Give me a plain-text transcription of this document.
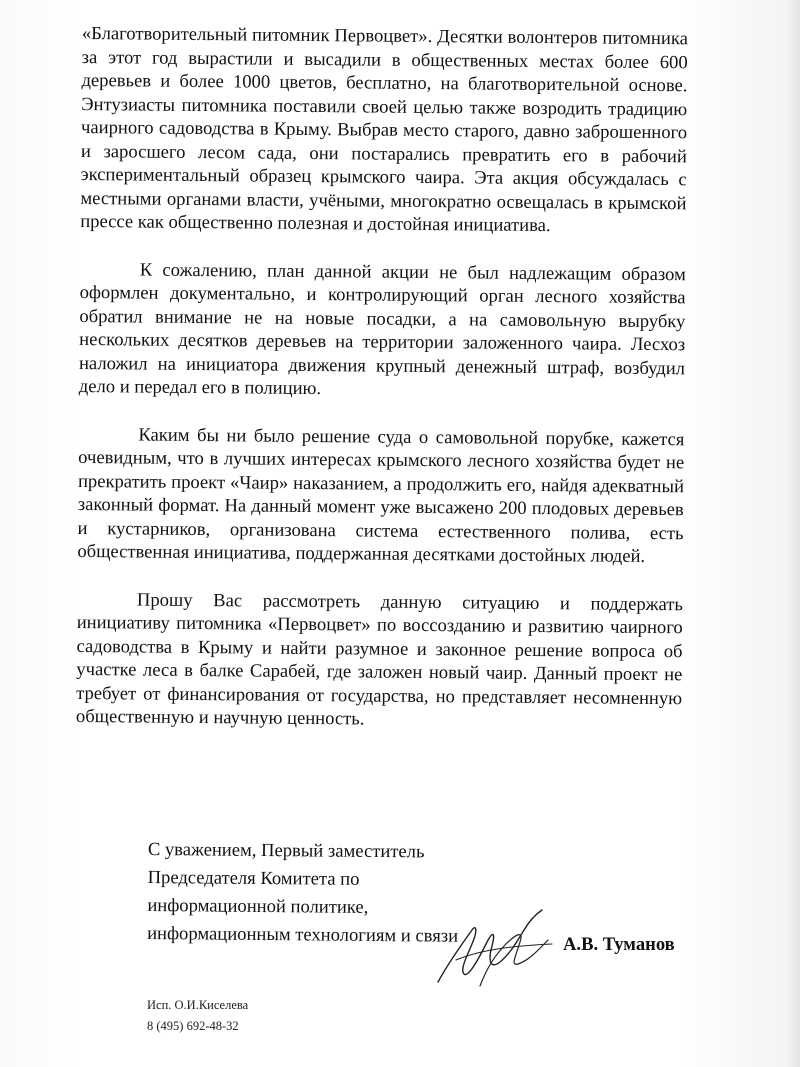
«Благотворительный питомник Первоцвет». Десятки волонтеров питомника за этот год вырастили и высадили в общественных местах более 600 деревьев и более 1000 цветов, бесплатно, на благотворительной основе. Энтузиасты питомника поставили своей целью также возродить традицию чаирного садоводства в Крыму. Выбрав место старого, давно заброшенного и заросшего лесом сада, они постарались превратить его в рабочий экспериментальный образец крымского чаира. Эта акция обсуждалась с местными органами власти, учёными, многократно освещалась в крымской прессе как общественно полезная и достойная инициатива.

К сожалению, план данной акции не был надлежащим образом оформлен документально, и контролирующий орган лесного хозяйства обратил внимание не на новые посадки, а на самовольную вырубку нескольких десятков деревьев на территории заложенного чаира. Лесхоз наложил на инициатора движения крупный денежный штраф, возбудил дело и передал его в полицию.

Каким бы ни было решение суда о самовольной порубке, кажется очевидным, что в лучших интересах крымского лесного хозяйства будет не прекратить проект «Чаир» наказанием, а продолжить его, найдя адекватный законный формат. На данный момент уже высажено 200 плодовых деревьев и кустарников, организована система естественного полива, есть общественная инициатива, поддержанная десятками достойных людей.

Прошу Вас рассмотреть данную ситуацию и поддержать инициативу питомника «Первоцвет» по воссозданию и развитию чаирного садоводства в Крыму и найти разумное и законное решение вопроса об участке леса в балке Сарабей, где заложен новый чаир. Данный проект не требует от финансирования от государства, но представляет несомненную общественную и научную ценность.

С уважением, Первый заместитель
Председателя Комитета по
информационной политике,
информационным технологиям и связи	А.В. Туманов
Исп. О.И.Киселева
8 (495) 692-48-32
